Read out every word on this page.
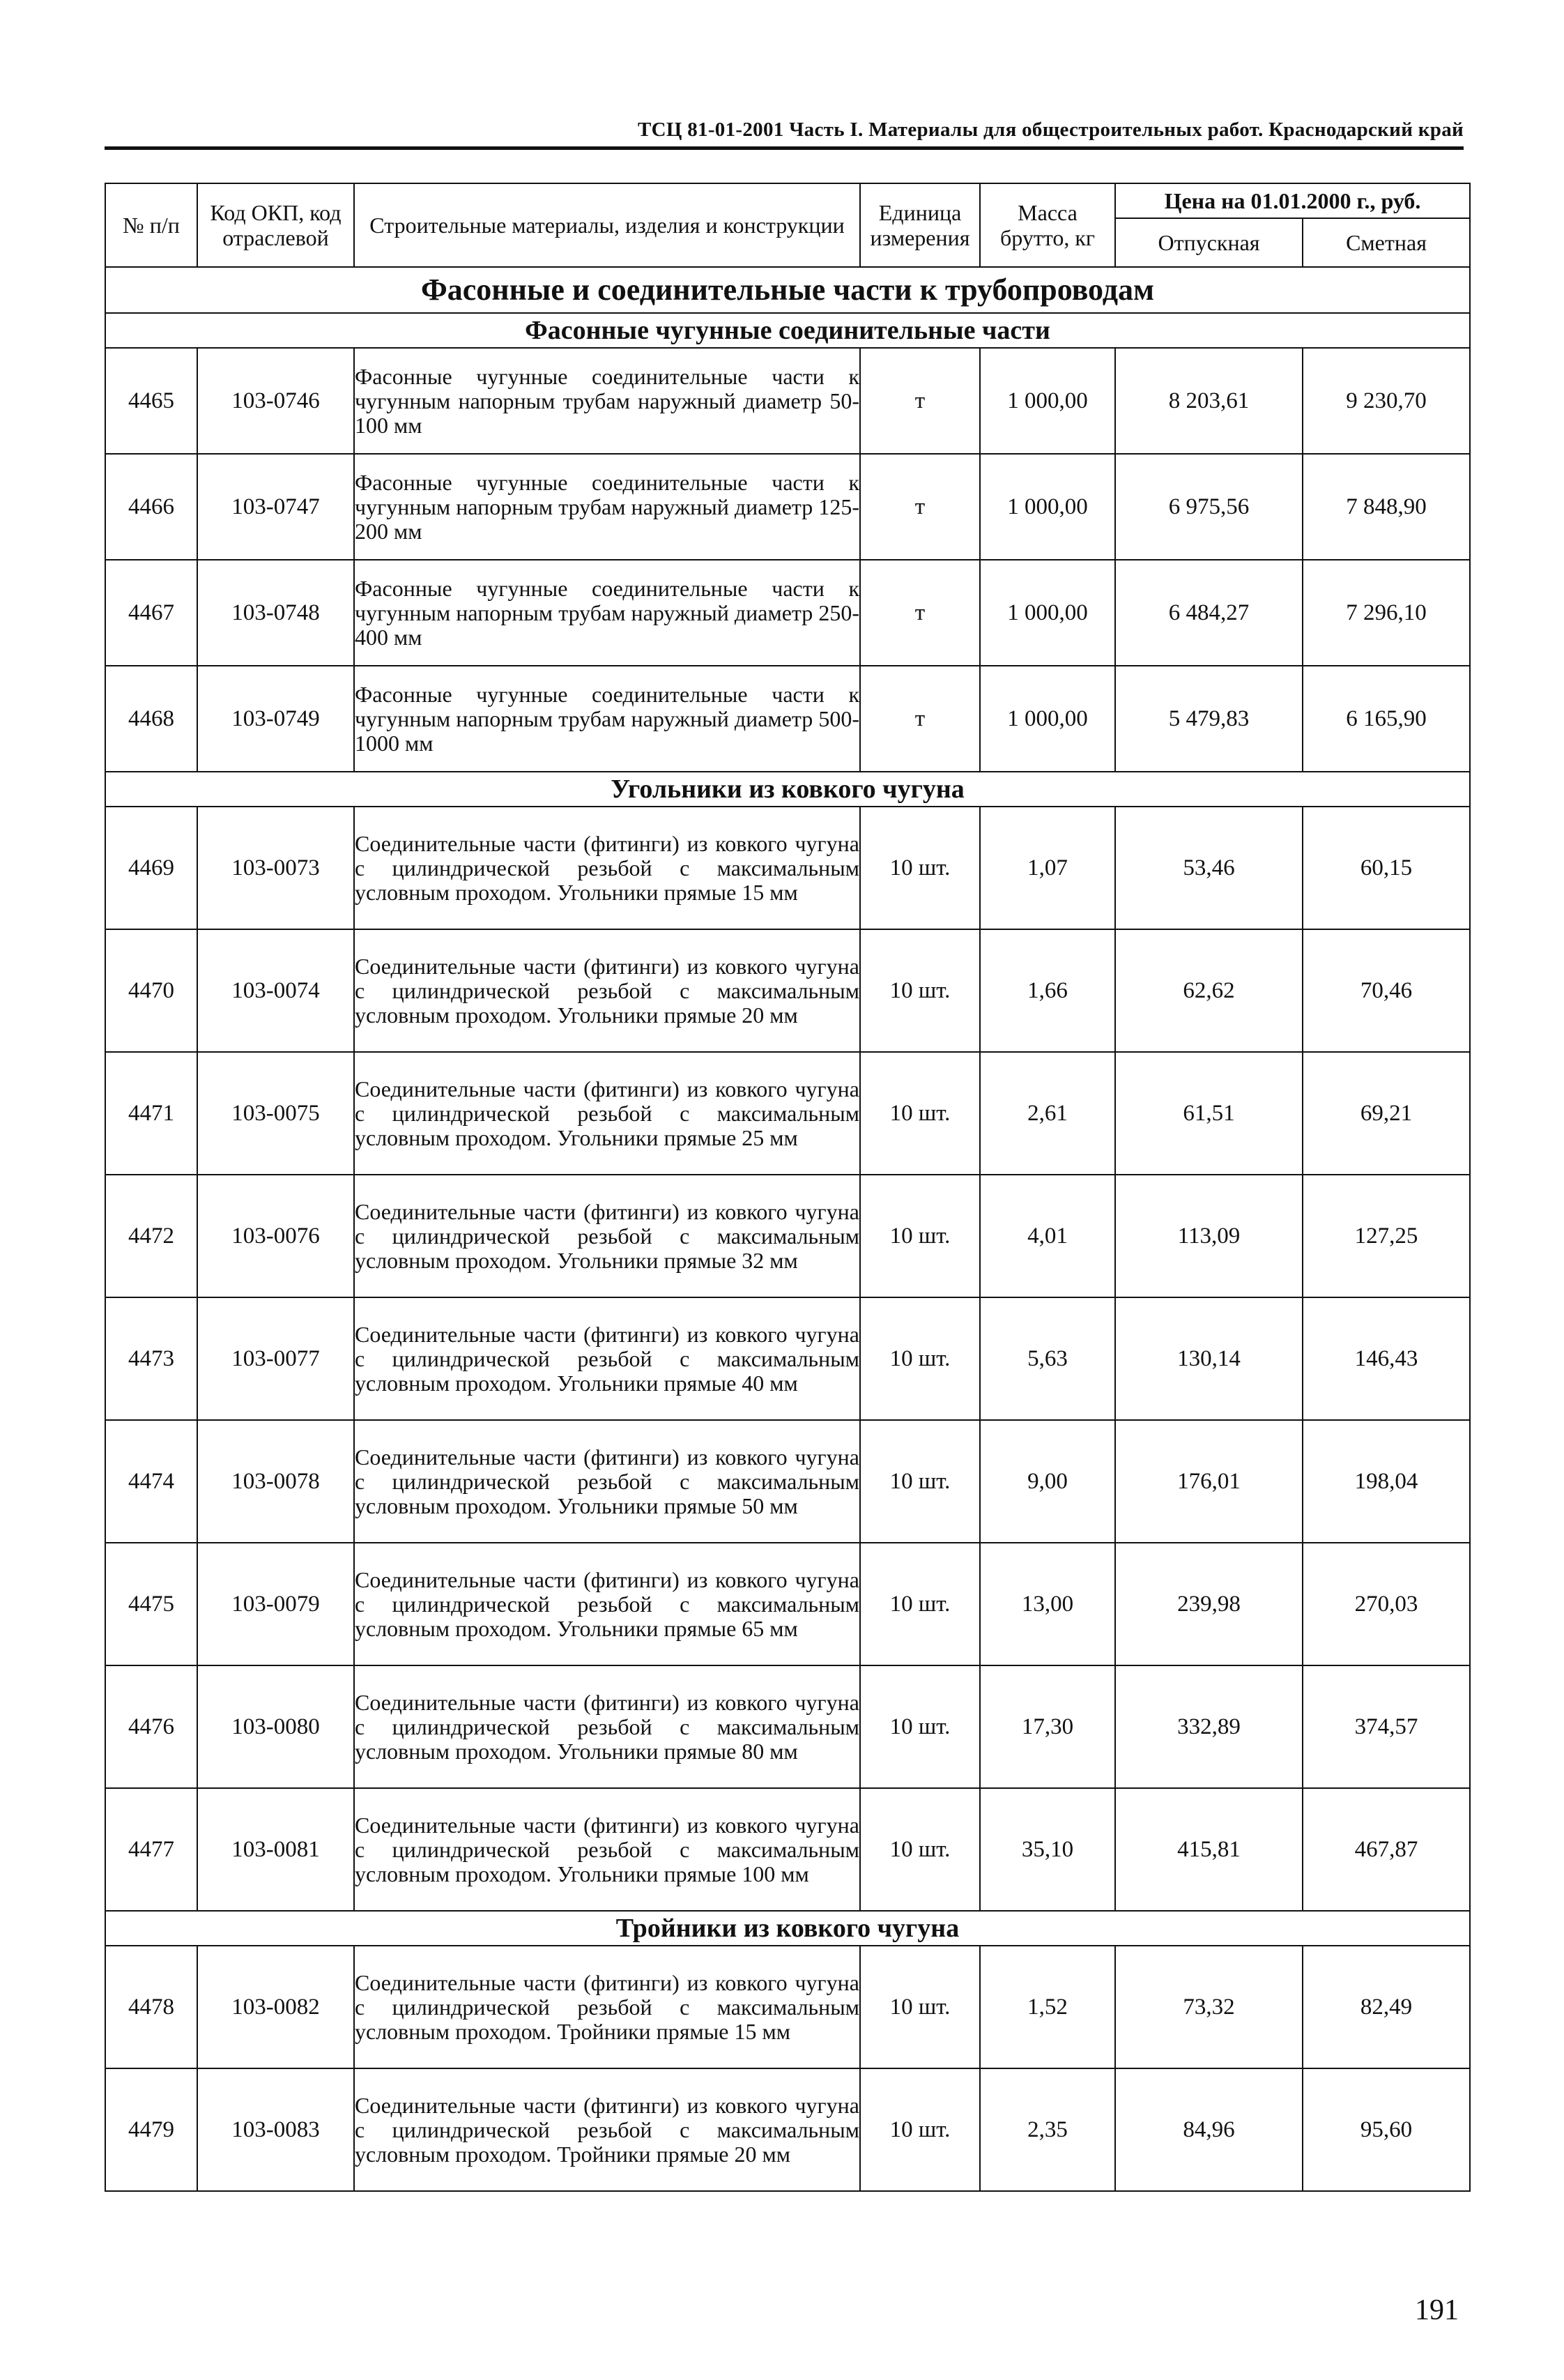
ТСЦ 81-01-2001 Часть I. Материалы для общестроительных работ. Краснодарский край
№ п/п	Код ОКП, код отраслевой	Строительные материалы, изделия и конструкции	Единица измерения	Масса брутто, кг	Цена на 01.01.2000 г., руб.	
					Отпускная	Сметная
Фасонные и соединительные части к трубопроводам						
Фасонные чугунные соединительные части						
4465	103-0746	Фасонные чугунные соединительные части к чугунным напорным трубам наружный диаметр 50-100 мм	т	1 000,00	8 203,61	9 230,70
4466	103-0747	Фасонные чугунные соединительные части к чугунным напорным трубам наружный диаметр 125-200 мм	т	1 000,00	6 975,56	7 848,90
4467	103-0748	Фасонные чугунные соединительные части к чугунным напорным трубам наружный диаметр 250-400 мм	т	1 000,00	6 484,27	7 296,10
4468	103-0749	Фасонные чугунные соединительные части к чугунным напорным трубам наружный диаметр 500-1000 мм	т	1 000,00	5 479,83	6 165,90
Угольники из ковкого чугуна						
4469	103-0073	Соединительные части (фитинги) из ковкого чугуна с цилиндрической резьбой с максимальным условным проходом. Угольники прямые 15 мм	10 шт.	1,07	53,46	60,15
4470	103-0074	Соединительные части (фитинги) из ковкого чугуна с цилиндрической резьбой с максимальным условным проходом. Угольники прямые 20 мм	10 шт.	1,66	62,62	70,46
4471	103-0075	Соединительные части (фитинги) из ковкого чугуна с цилиндрической резьбой с максимальным условным проходом. Угольники прямые 25 мм	10 шт.	2,61	61,51	69,21
4472	103-0076	Соединительные части (фитинги) из ковкого чугуна с цилиндрической резьбой с максимальным условным проходом. Угольники прямые 32 мм	10 шт.	4,01	113,09	127,25
4473	103-0077	Соединительные части (фитинги) из ковкого чугуна с цилиндрической резьбой с максимальным условным проходом. Угольники прямые 40 мм	10 шт.	5,63	130,14	146,43
4474	103-0078	Соединительные части (фитинги) из ковкого чугуна с цилиндрической резьбой с максимальным условным проходом. Угольники прямые 50 мм	10 шт.	9,00	176,01	198,04
4475	103-0079	Соединительные части (фитинги) из ковкого чугуна с цилиндрической резьбой с максимальным условным проходом. Угольники прямые 65 мм	10 шт.	13,00	239,98	270,03
4476	103-0080	Соединительные части (фитинги) из ковкого чугуна с цилиндрической резьбой с максимальным условным проходом. Угольники прямые 80 мм	10 шт.	17,30	332,89	374,57
4477	103-0081	Соединительные части (фитинги) из ковкого чугуна с цилиндрической резьбой с максимальным условным проходом. Угольники прямые 100 мм	10 шт.	35,10	415,81	467,87
Тройники из ковкого чугуна						
4478	103-0082	Соединительные части (фитинги) из ковкого чугуна с цилиндрической резьбой с максимальным условным проходом. Тройники прямые 15 мм	10 шт.	1,52	73,32	82,49
4479	103-0083	Соединительные части (фитинги) из ковкого чугуна с цилиндрической резьбой с максимальным условным проходом. Тройники прямые 20 мм	10 шт.	2,35	84,96	95,60
191
